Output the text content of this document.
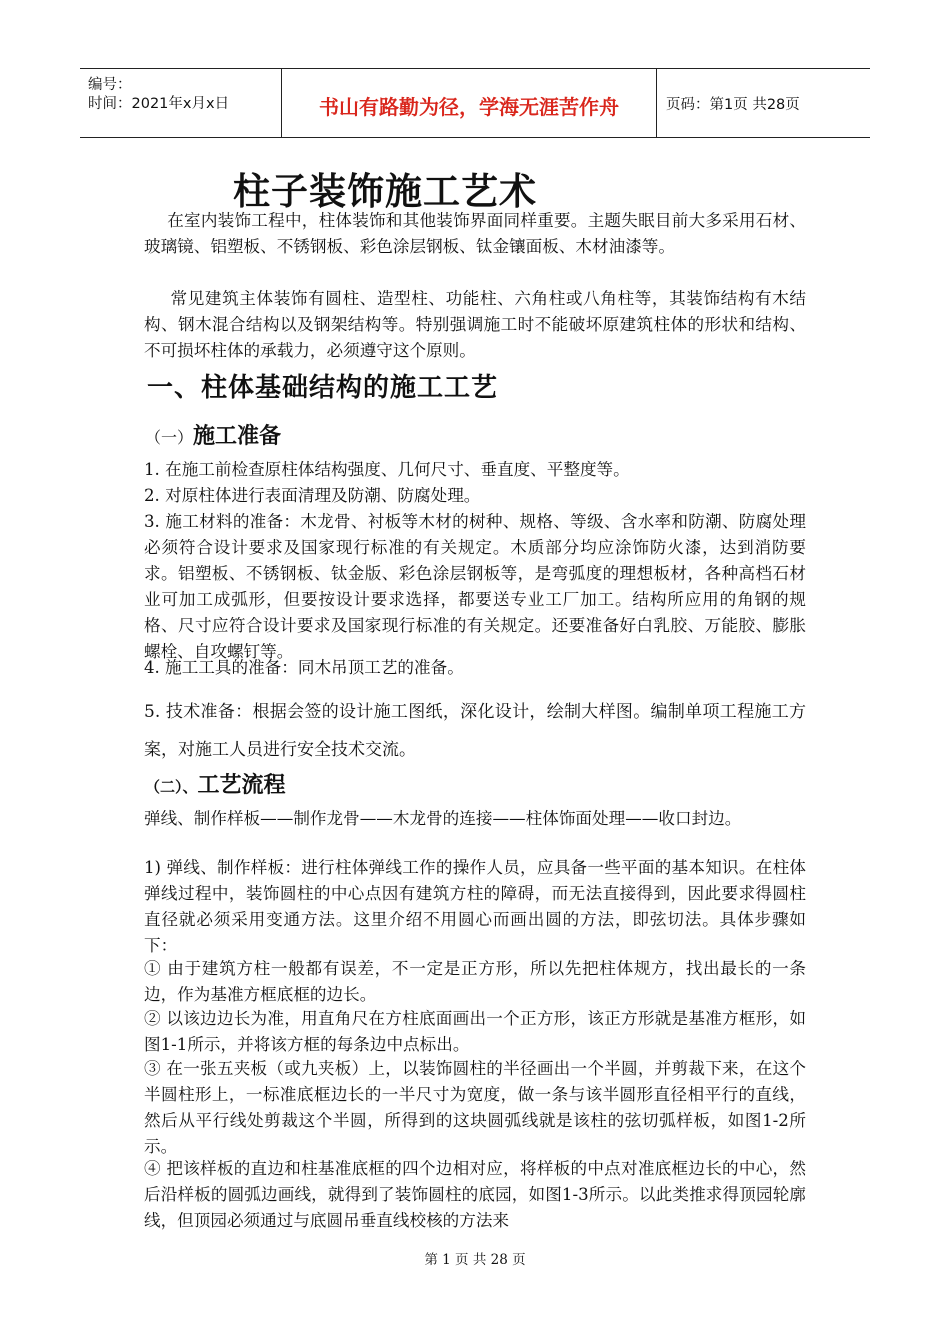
编号：
时间：2021年x月x日	书山有路勤为径，学海无涯苦作舟	页码：第1页 共28页
柱子装饰施工艺术

在室内装饰工程中，柱体装饰和其他装饰界面同样重要。主题失眠目前大多采用石材、玻璃镜、铝塑板、不锈钢板、彩色涂层钢板、钛金镶面板、木材油漆等。

常见建筑主体装饰有圆柱、造型柱、功能柱、六角柱或八角柱等，其装饰结构有木结构、钢木混合结构以及钢架结构等。特别强调施工时不能破坏原建筑柱体的形状和结构、不可损坏柱体的承载力，必须遵守这个原则。

一、柱体基础结构的施工工艺
（一）施工准备

1. 在施工前检查原柱体结构强度、几何尺寸、垂直度、平整度等。

2. 对原柱体进行表面清理及防潮、防腐处理。

3. 施工材料的准备：木龙骨、衬板等木材的树种、规格、等级、含水率和防潮、防腐处理必须符合设计要求及国家现行标准的有关规定。木质部分均应涂饰防火漆，达到消防要求。铝塑板、不锈钢板、钛金版、彩色涂层钢板等，是弯弧度的理想板材，各种高档石材业可加工成弧形，但要按设计要求选择，都要送专业工厂加工。结构所应用的角钢的规格、尺寸应符合设计要求及国家现行标准的有关规定。还要准备好白乳胶、万能胶、膨胀螺栓、自攻螺钉等。

4. 施工工具的准备：同木吊顶工艺的准备。

5. 技术准备：根据会签的设计施工图纸，深化设计，绘制大样图。编制单项工程施工方案，对施工人员进行安全技术交流。

（二）、工艺流程

弹线、制作样板——制作龙骨——木龙骨的连接——柱体饰面处理——收口封边。

1) 弹线、制作样板：进行柱体弹线工作的操作人员，应具备一些平面的基本知识。在柱体弹线过程中，装饰圆柱的中心点因有建筑方柱的障碍，而无法直接得到，因此要求得圆柱直径就必须采用变通方法。这里介绍不用圆心而画出圆的方法，即弦切法。具体步骤如下：

① 由于建筑方柱一般都有误差，不一定是正方形，所以先把柱体规方，找出最长的一条边，作为基准方框底框的边长。

② 以该边边长为准，用直角尺在方柱底面画出一个正方形，该正方形就是基准方框形，如图1-1所示，并将该方框的每条边中点标出。

③ 在一张五夹板（或九夹板）上，以装饰圆柱的半径画出一个半圆，并剪裁下来，在这个半圆柱形上，一标准底框边长的一半尺寸为宽度，做一条与该半圆形直径相平行的直线，然后从平行线处剪裁这个半圆，所得到的这块圆弧线就是该柱的弦切弧样板，如图1-2所示。

④ 把该样板的直边和柱基准底框的四个边相对应，将样板的中点对准底框边长的中心，然后沿样板的圆弧边画线，就得到了装饰圆柱的底园，如图1-3所示。以此类推求得顶园轮廓线，但顶园必须通过与底圆吊垂直线校核的方法来

第 1 页 共 28 页
